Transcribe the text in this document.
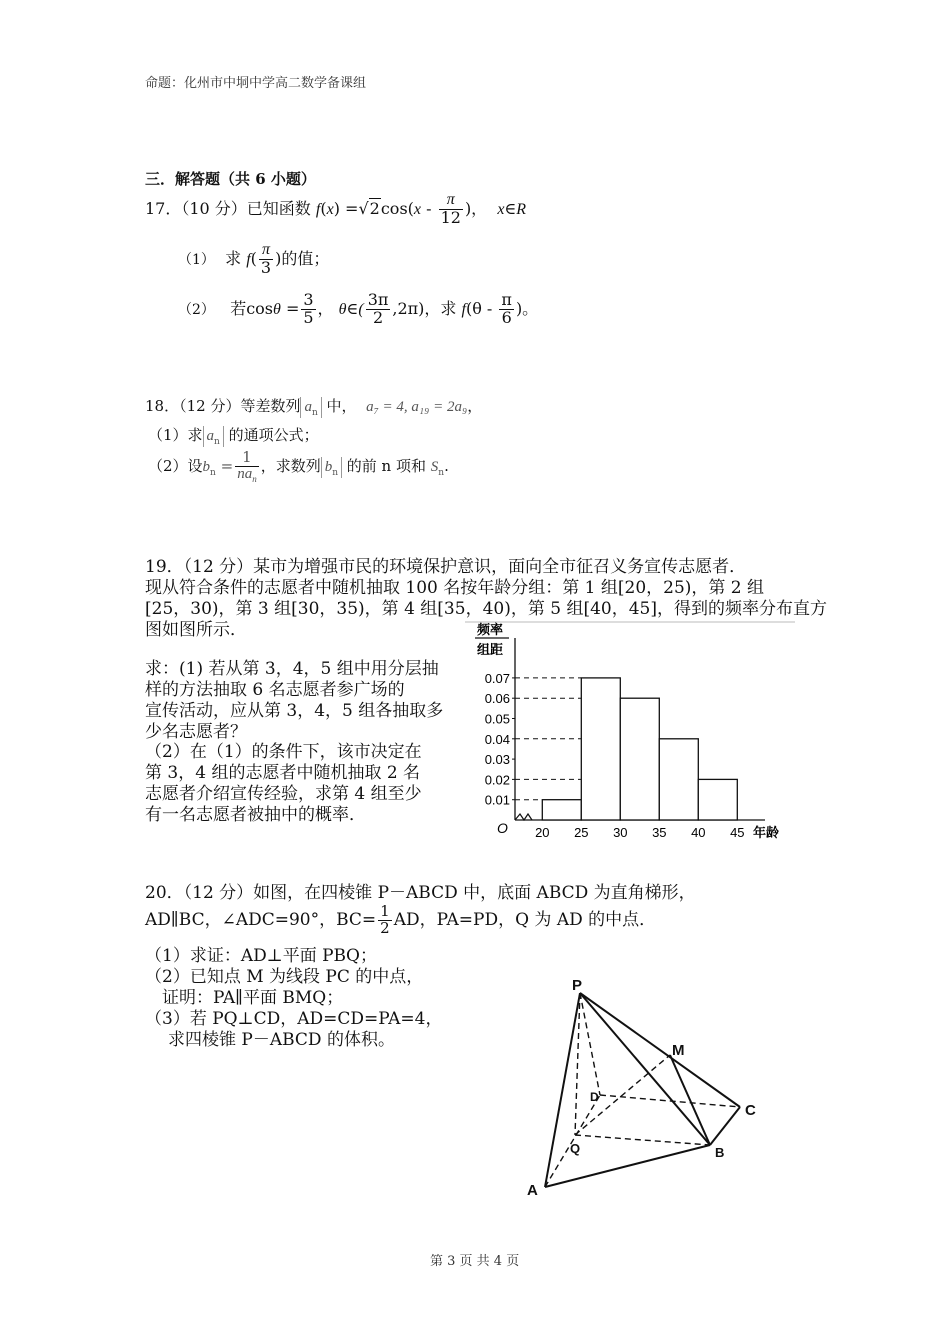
命题：化州市中垌中学高二数学备课组
三．解答题（共 6 小题）
17．（10 分）已知函数 $f(x) =√2\cos(x - \frac{\pi}{12}$ )， x∈R
（1） 求 $f( \frac{\pi}{3}$ )的值；
（2） 若$\cos\theta = \frac{3}{5}$ ， θ∈( $\frac{3\pi}{2} ,2\pi$)，求 $f(\theta - \frac{\pi}{6}$ )。
18．（12 分）等差数列 $a_n$ 中， a₇ = 4, a₁₉ = 2a₉，
（1）求 $a_n$ 的通项公式；
（2）设$b_n = \frac{1}{na_n}$ ，求数列 $b_n$ 的前 n 项和 $S_n$.
19．（12 分）某市为增强市民的环境保护意识，面向全市征召义务宣传志愿者．
现从符合条件的志愿者中随机抽取 100 名按年龄分组：第 1 组[20，25)，第 2 组
[25，30)，第 3 组[30，35)，第 4 组[35，40)，第 5 组[40，45]，得到的频率分布直方
图如图所示．
求：(1) 若从第 3，4，5 组中用分层抽
样的方法抽取 6 名志愿者参广场的
宣传活动，应从第 3，4，5 组各抽取多
少名志愿者？
（2）在（1）的条件下，该市决定在
第 3，4 组的志愿者中随机抽取 2 名
志愿者介绍宣传经验，求第 4 组至少
有一名志愿者被抽中的概率．
频率
组距
0.01
0.02
0.03
0.04
0.05
0.06
0.07
20 25 30 35 40 45
O	年龄
20．（12 分）如图，在四棱锥 P－ABCD 中，底面 ABCD 为直角梯形，
AD∥BC，∠ADC=90°，$BC= \frac{1}{2}$ AD，PA=PD，Q 为 AD 的中点．
（1）求证：AD⊥平面 PBQ；
（2）已知点 M 为线段 PC 的中点，
证明：PA∥平面 BMQ；
（3）若 PQ⊥CD，AD=CD=PA=4，
求四棱锥 P－ABCD 的体积。
P
M
D
C
Q	B
A
第 3 页 共 4 页
